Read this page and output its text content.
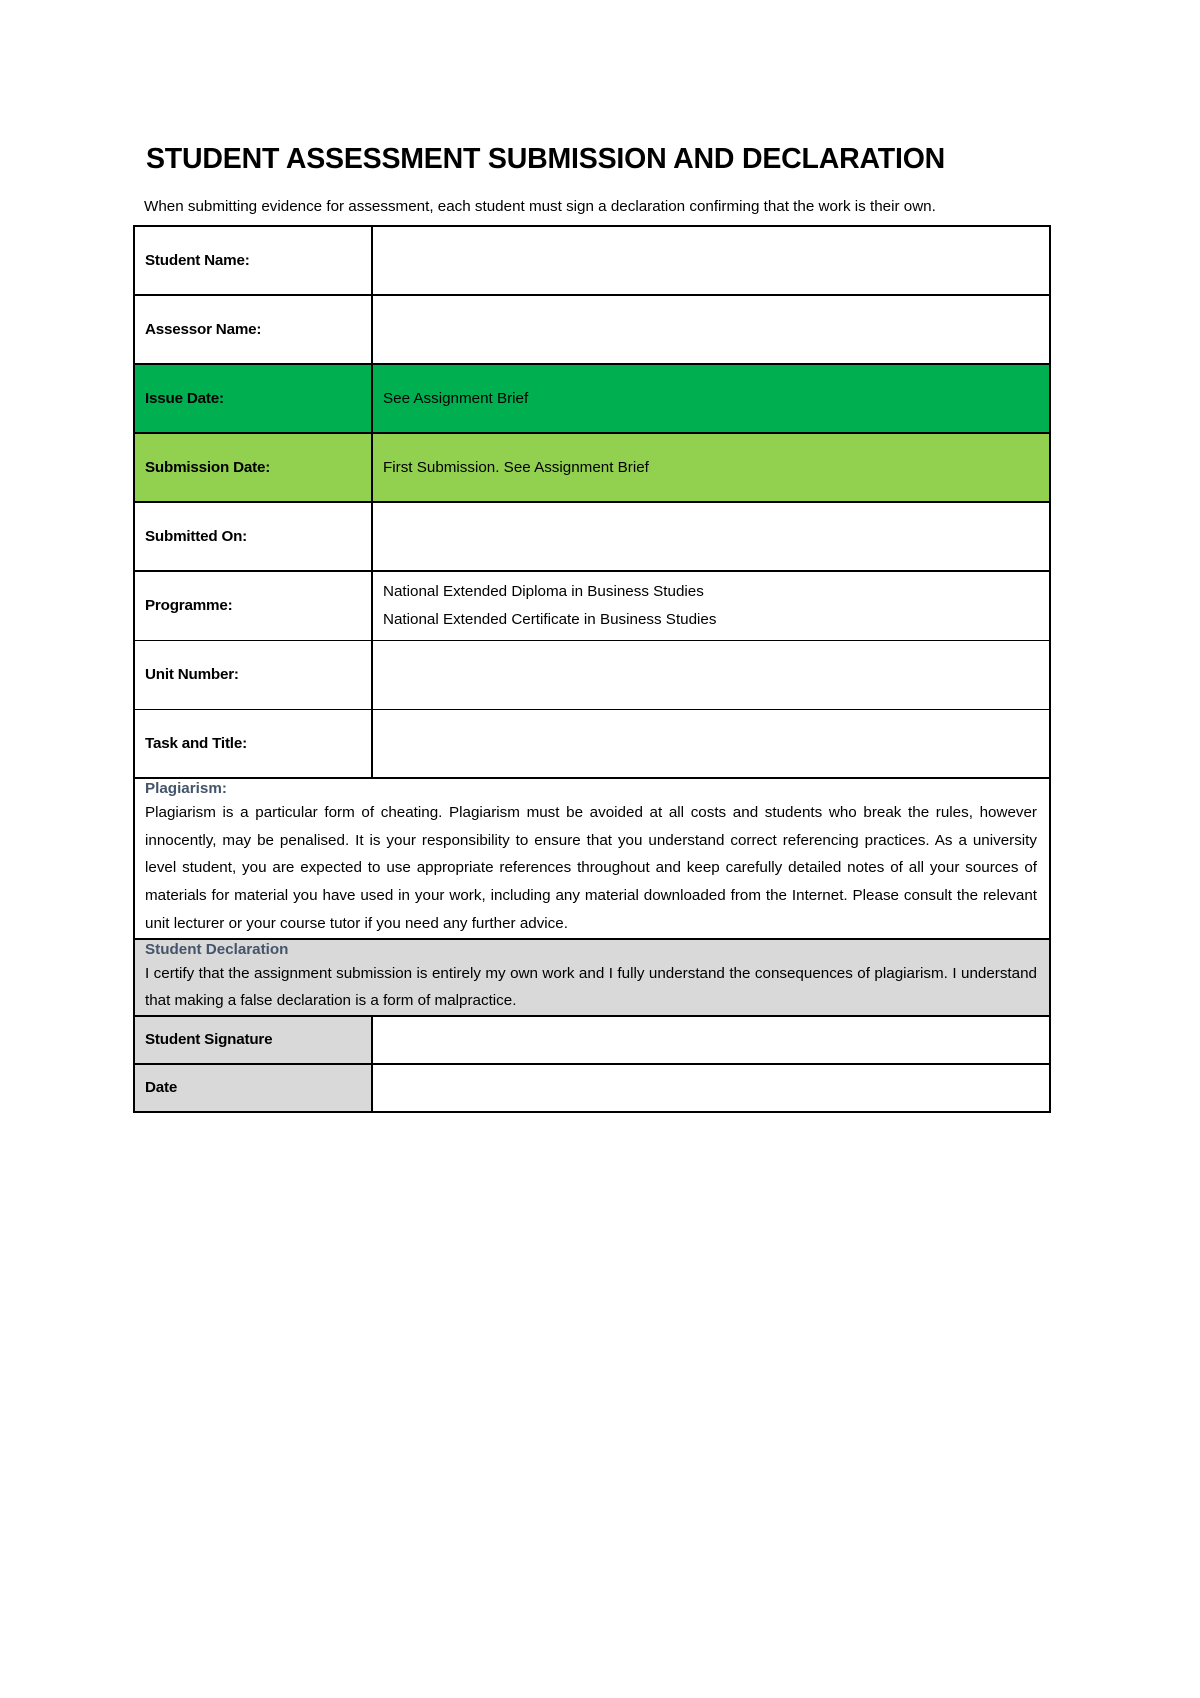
STUDENT ASSESSMENT SUBMISSION AND DECLARATION
When submitting evidence for assessment, each student must sign a declaration confirming that the work is their own.
Student Name:	
Assessor Name:	
Issue Date:	See Assignment Brief
Submission Date:	First Submission. See Assignment Brief
Submitted On:	
Programme:	National Extended Diploma in Business Studies
National Extended Certificate in Business Studies

Unit Number:	
Task and Title:	

Plagiarism:
Plagiarism is a particular form of cheating. Plagiarism must be avoided at all costs and students who break the rules, however innocently, may be penalised. It is your responsibility to ensure that you understand correct referencing practices. As a university level student, you are expected to use appropriate references throughout and keep carefully detailed notes of all your sources of materials for material you have used in your work, including any material downloaded from the Internet. Please consult the relevant unit lecturer or your course tutor if you need any further advice.	

Student Declaration
I certify that the assignment submission is entirely my own work and I fully understand the consequences of plagiarism. I understand that making a false declaration is a form of malpractice.	

Student Signature	
Date	
